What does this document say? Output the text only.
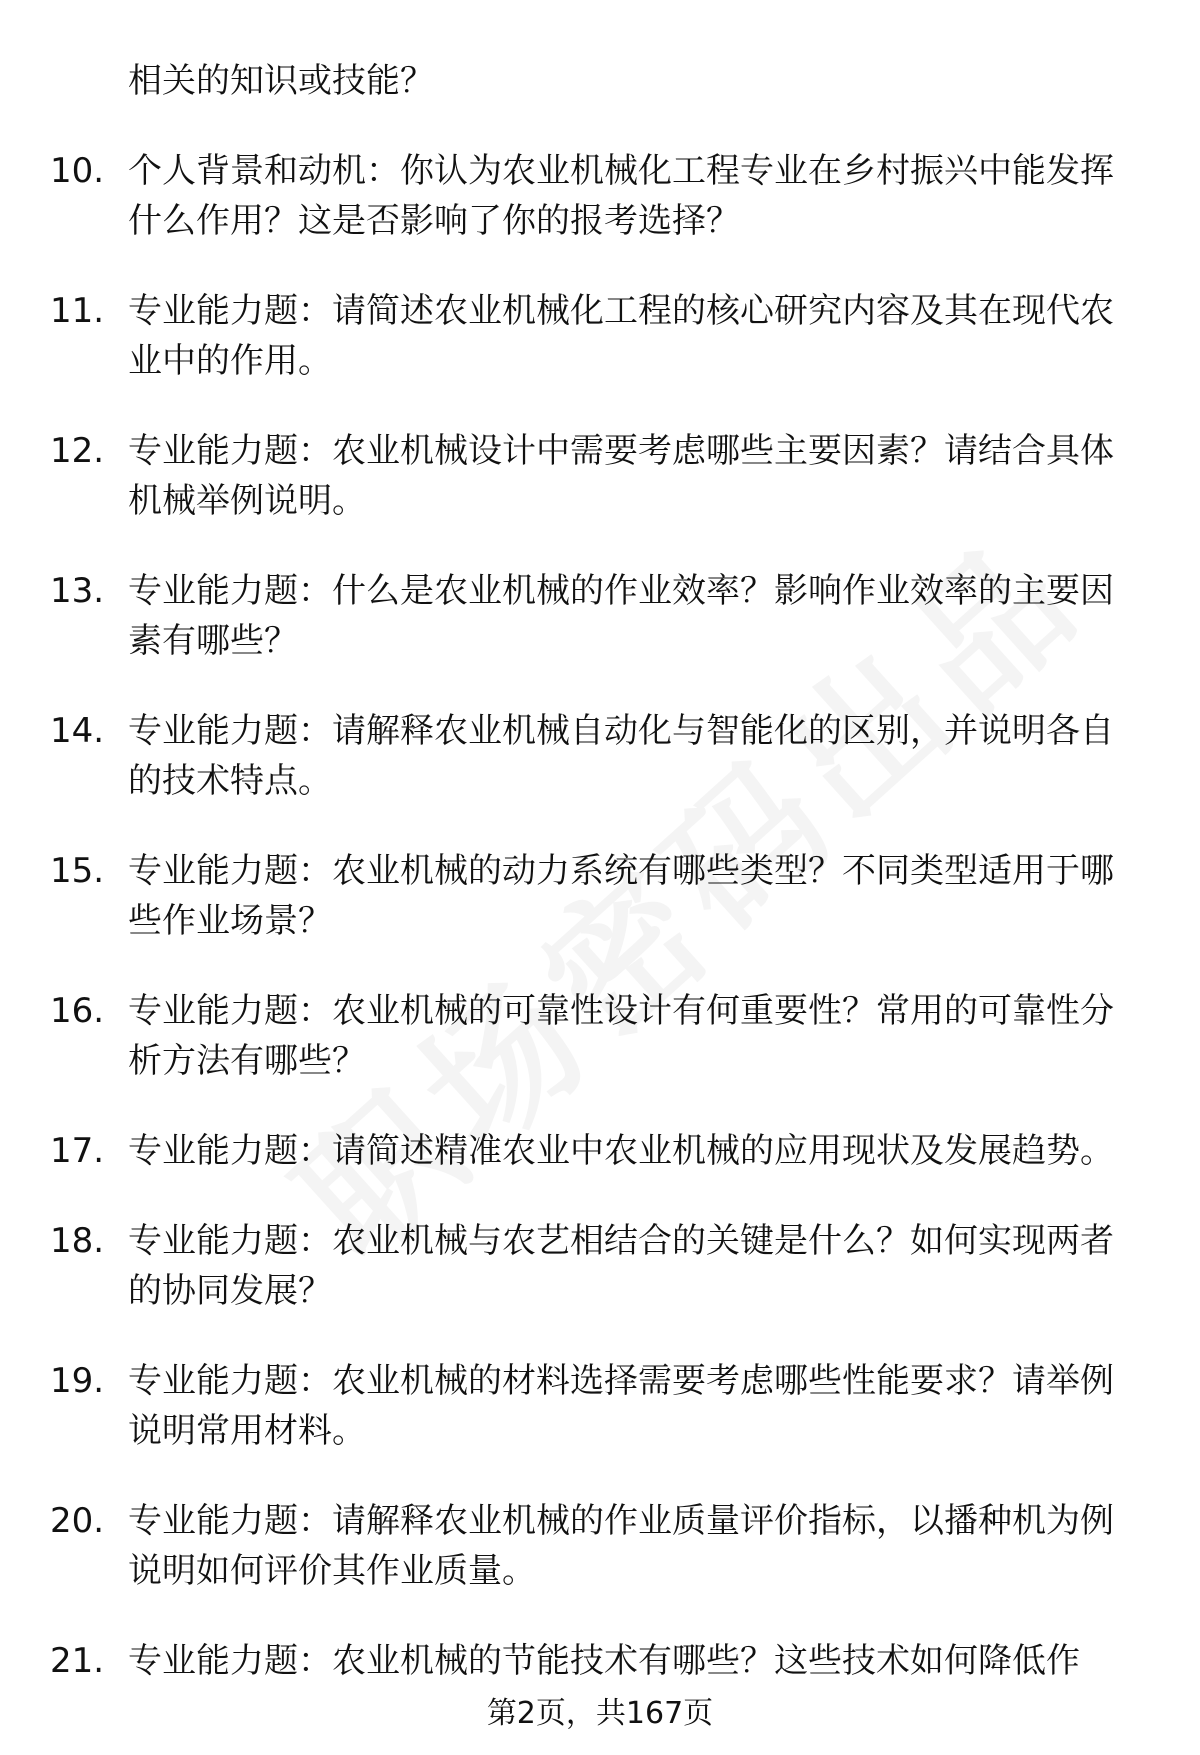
相关的知识或技能？
10. 个人背景和动机：你认为农业机械化工程专业在乡村振兴中能发挥什么作用？这是否影响了你的报考选择？
11. 专业能力题：请简述农业机械化工程的核心研究内容及其在现代农业中的作用。
12. 专业能力题：农业机械设计中需要考虑哪些主要因素？请结合具体机械举例说明。
13. 专业能力题：什么是农业机械的作业效率？影响作业效率的主要因素有哪些？
14. 专业能力题：请解释农业机械自动化与智能化的区别，并说明各自的技术特点。
15. 专业能力题：农业机械的动力系统有哪些类型？不同类型适用于哪些作业场景？
16. 专业能力题：农业机械的可靠性设计有何重要性？常用的可靠性分析方法有哪些？
17. 专业能力题：请简述精准农业中农业机械的应用现状及发展趋势。
18. 专业能力题：农业机械与农艺相结合的关键是什么？如何实现两者的协同发展？
19. 专业能力题：农业机械的材料选择需要考虑哪些性能要求？请举例说明常用材料。
20. 专业能力题：请解释农业机械的作业质量评价指标，以播种机为例说明如何评价其作业质量。
21. 专业能力题：农业机械的节能技术有哪些？这些技术如何降低作
第2页，共167页
